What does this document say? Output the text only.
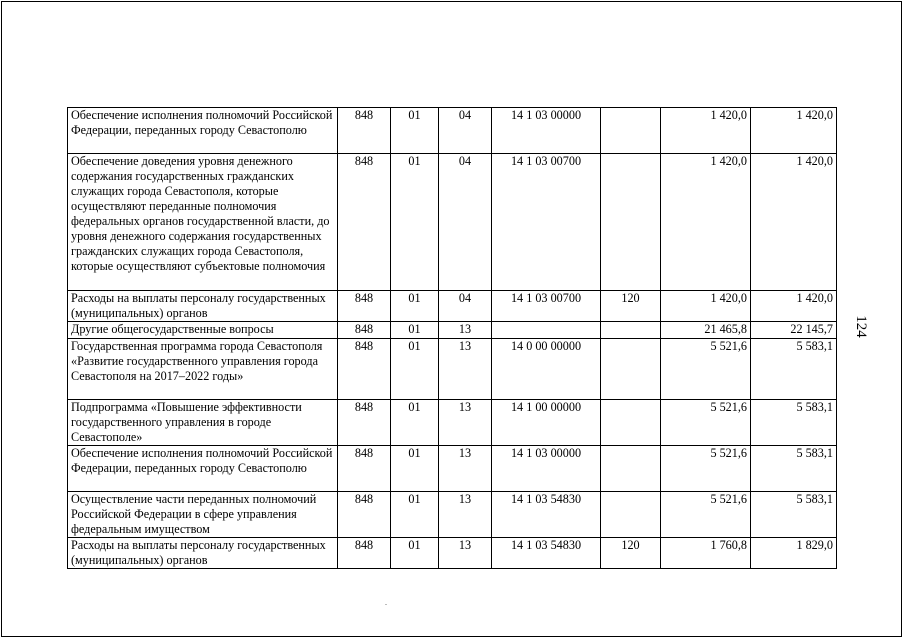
Обеспечение исполнения полномочий Российской Федерации, переданных городу Севастополю	848	01	04	14 1 03 00000		1 420,0	1 420,0
Обеспечение доведения уровня денежного содержания государственных гражданских служащих города Севастополя, которые осуществляют переданные полномочия федеральных органов государственной власти, до уровня денежного содержания государственных гражданских служащих города Севастополя, которые осуществляют субъектовые полномочия	848	01	04	14 1 03 00700		1 420,0	1 420,0
Расходы на выплаты персоналу государственных (муниципальных) органов	848	01	04	14 1 03 00700	120	1 420,0	1 420,0
Другие общегосударственные вопросы	848	01	13			21 465,8	22 145,7
Государственная программа города Севастополя «Развитие государственного управления города Севастополя на 2017–2022 годы»	848	01	13	14 0 00 00000		5 521,6	5 583,1
Подпрограмма «Повышение эффективности государственного управления в городе Севастополе»	848	01	13	14 1 00 00000		5 521,6	5 583,1
Обеспечение исполнения полномочий Российской Федерации, переданных городу Севастополю	848	01	13	14 1 03 00000		5 521,6	5 583,1
Осуществление части переданных полномочий Российской Федерации в сфере управления федеральным имуществом	848	01	13	14 1 03 54830		5 521,6	5 583,1
Расходы на выплаты персоналу государственных (муниципальных) органов	848	01	13	14 1 03 54830	120	1 760,8	1 829,0
124
